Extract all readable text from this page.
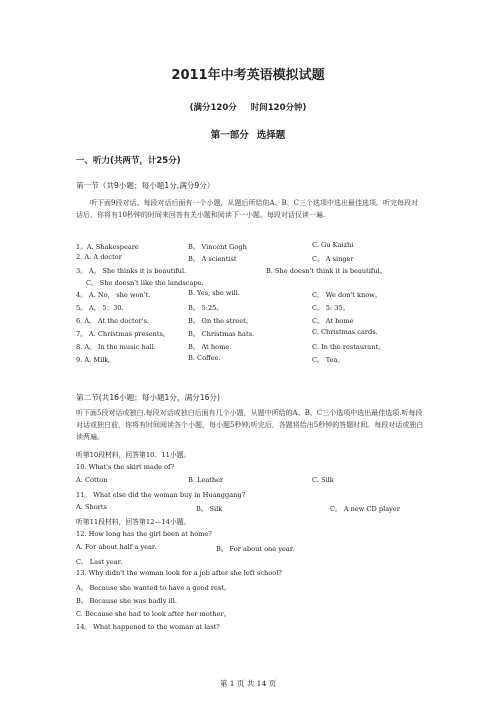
2011年中考英语模拟试题
(满分120分 时间120分钟)
第一部分 选择题
一、听力(共两节，计25分)
第一节（共9小题；每小题1分,满分9分）
听下面9段对话。每段对话后面有一个小题，从题后所给的A、B、C三个选项中选出最佳选项。听完每段对话后，你将有10秒钟的时间来回答有关小题和阅读下一小题。每段对话仅读一遍.
1。A. Shakespeare	B。 Vincent Gogh	C. Gu Kaizhi
2. A. A doctor	B。 A scientist	C。 A singer
3。 A。 She thinks it is beautiful.	B. She doesn't think it is beautiful。
C。 She doesn't like the landscape.
4。 A. No， she won't.	B. Yes, she will.	C。 We don't know。
5。 A。 5：30.	B。 5:25。	C。 5: 35。
6. A。 At the doctor's.	B。 On the street。	C。 At home
7。 A. Christmas presents。	B。 Christmas hats.	C. Christmas cards.
8. A。 In the music hall.	B。 At home.	C. In the restaurant。
9. A. Milk。	B. Coffee.	C。 Tea。
第二节(共16小题；每小题1分，满分16分)
听下面5段对话或独白.每段对话或独白后面有几个小题，从题中所给的A、B、C三个选项中选出最佳选项.听每段对话或独白前，你将有时间阅读各个小题，每小题5秒钟;听完后，各题将给出5秒钟的答题时间。每段对话或独白读两遍。
听第10段材料，回答第10、11小题。
10. What's the skirt made of?
A. Cotton	B. Leather	C. Silk
11。 What else did the woman buy in Huanggang?
A. Shorts	B。 Silk	C。 A new CD player
听第11段材料，回答第12—14小题。
12. How long has the girl been at home?
A. For about half a year.	B。 For about one year.
C。 Last year.
13. Why didn't the woman look for a job after she left school?
A。 Because she wanted to have a good rest。
B。 Because she was badly ill.
C. Because she had to look after her mother。
14。 What happened to the woman at last?
第 1 页 共 14 页
